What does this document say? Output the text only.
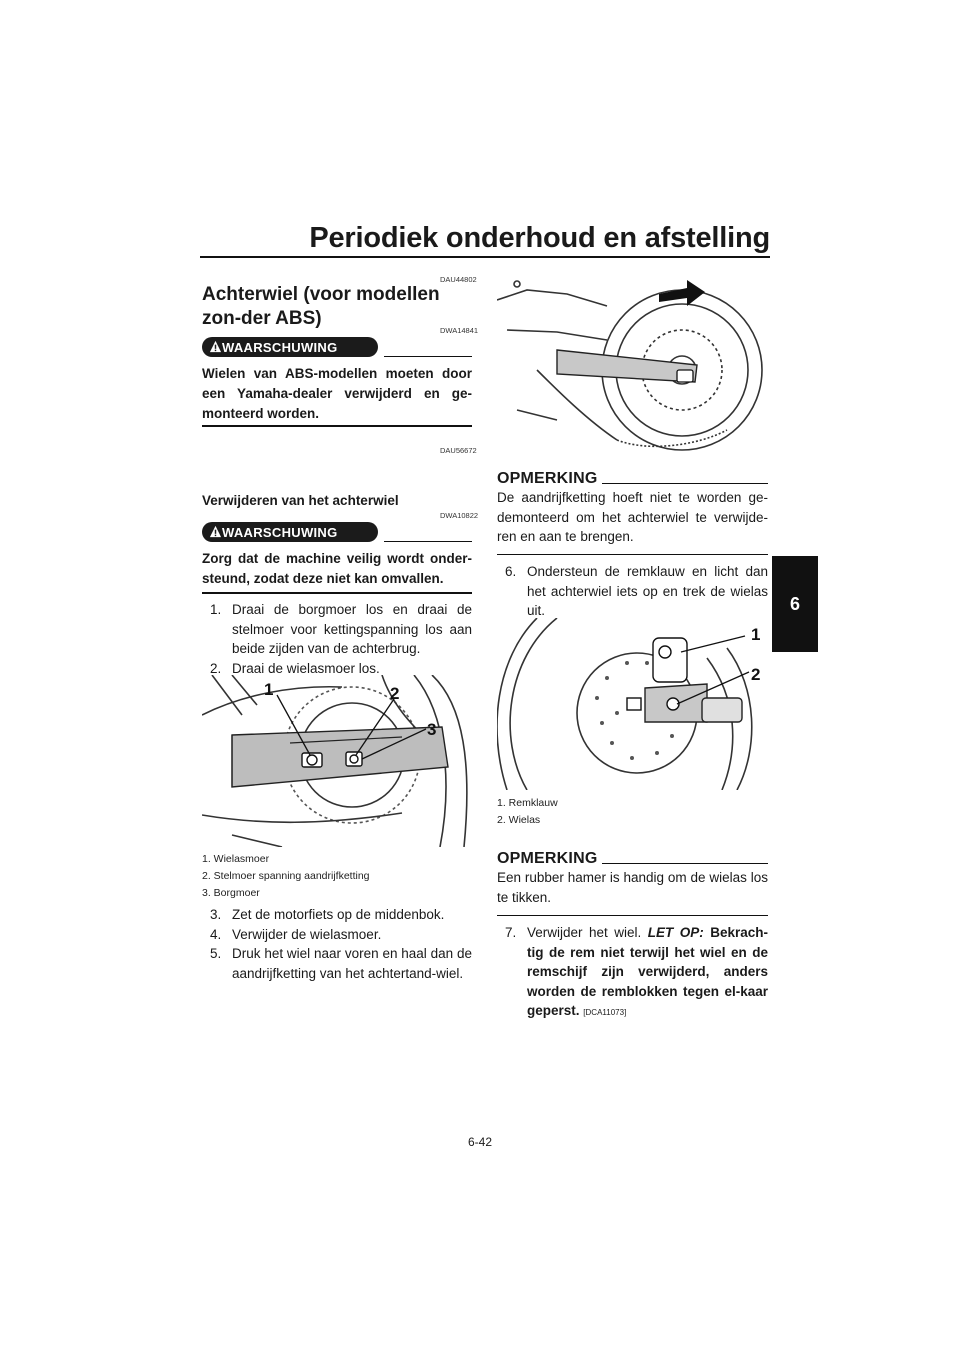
Periodiek onderhoud en afstelling
6
DAU44802
Achterwiel (voor modellen zon-der ABS)
DWA14841
WAARSCHUWING
Wielen van ABS-modellen moeten door een Yamaha-dealer verwijderd en ge-monteerd worden.
DAU56672
Verwijderen van het achterwiel
DWA10822
WAARSCHUWING
Zorg dat de machine veilig wordt onder-steund, zodat deze niet kan omvallen.
1. Draai de borgmoer los en draai de stelmoer voor kettingspanning los aan beide zijden van de achterbrug.
2. Draai de wielasmoer los.
1	2
3
1. Wielasmoer
2. Stelmoer spanning aandrijfketting
3. Borgmoer
3. Zet de motorfiets op de middenbok.
4. Verwijder de wielasmoer.
5. Druk het wiel naar voren en haal dan de aandrijfketting van het achtertand-wiel.
OPMERKING
De aandrijfketting hoeft niet te worden ge-demonteerd om het achterwiel te verwijde-ren en aan te brengen.
6. Ondersteun de remklauw en licht dan het achterwiel iets op en trek de wielas uit.
1
2
1. Remklauw
2. Wielas
OPMERKING
Een rubber hamer is handig om de wielas los te tikken.
7. Verwijder het wiel. LET OP: Bekrach-tig de rem niet terwijl het wiel en de remschijf zijn verwijderd, anders worden de remblokken tegen el-kaar geperst. [DCA11073]
6-42
